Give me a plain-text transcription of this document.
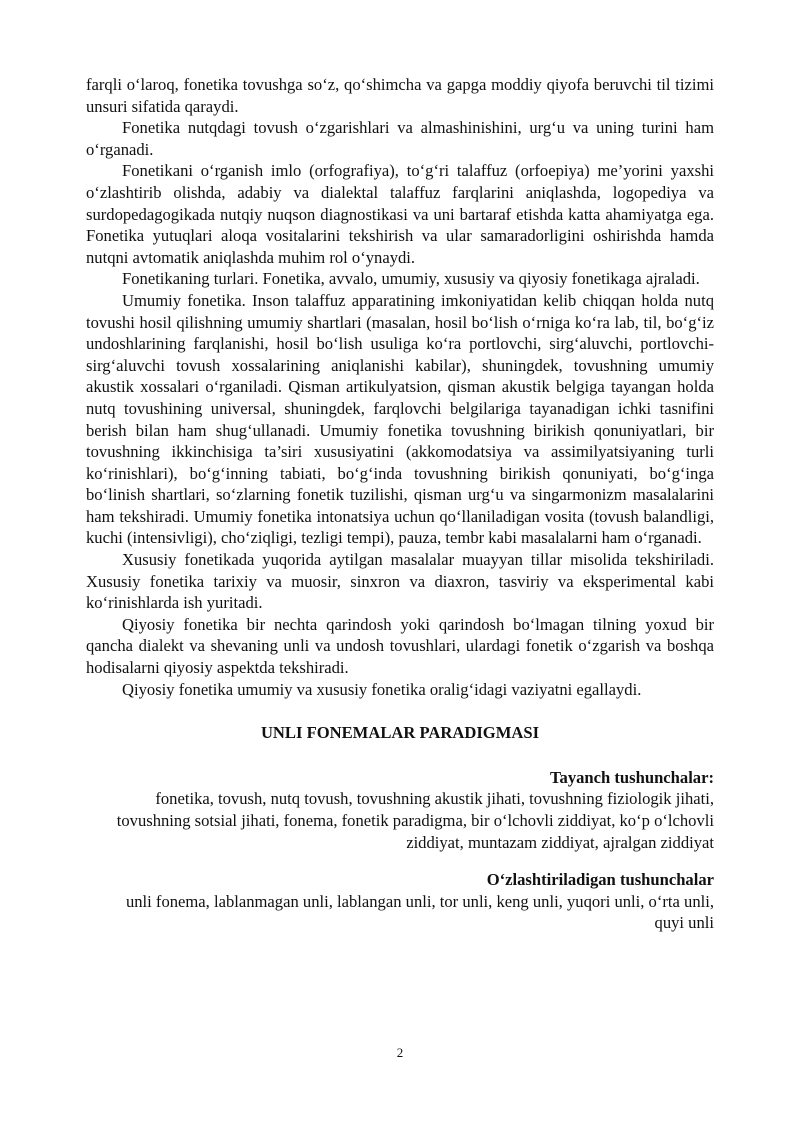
farqli o‘laroq, fonetika tovushga so‘z, qo‘shimcha va gapga moddiy qiyofa beruvchi til tizimi unsuri sifatida qaraydi.

Fonetika nutqdagi tovush o‘zgarishlari va almashinishini, urg‘u va uning turini ham o‘rganadi.

Fonetikani o‘rganish imlo (orfografiya), to‘g‘ri talaffuz (orfoepiya) me’yorini yaxshi o‘zlashtirib olishda, adabiy va dialektal talaffuz farqlarini aniqlashda, logopediya va surdopedagogikada nutqiy nuqson diagnostikasi va uni bartaraf etishda katta ahamiyatga ega. Fonetika yutuqlari aloqa vositalarini tekshirish va ular samaradorligini oshirishda hamda nutqni avtomatik aniqlashda muhim rol o‘ynaydi.

Fonetikaning turlari. Fonetika, avvalo, umumiy, xususiy va qiyosiy fonetikaga ajraladi.

Umumiy fonetika. Inson talaffuz apparatining imkoniyatidan kelib chiqqan holda nutq tovushi hosil qilishning umumiy shartlari (masalan, hosil bo‘lish o‘rniga ko‘ra lab, til, bo‘g‘iz undoshlarining farqlanishi, hosil bo‘lish usuliga ko‘ra portlovchi, sirg‘aluvchi, portlovchi-sirg‘aluvchi tovush xossalarining aniqlanishi kabilar), shuningdek, tovushning umumiy akustik xossalari o‘rganiladi. Qisman artikulyatsion, qisman akustik belgiga tayangan holda nutq tovushining universal, shuningdek, farqlovchi belgilariga tayanadigan ichki tasnifini berish bilan ham shug‘ullanadi. Umumiy fonetika tovushning birikish qonuniyatlari, bir tovushning ikkinchisiga ta’siri xususiyatini (akkomodatsiya va assimilyatsiyaning turli ko‘rinishlari), bo‘g‘inning tabiati, bo‘g‘inda tovushning birikish qonuniyati, bo‘g‘inga bo‘linish shartlari, so‘zlarning fonetik tuzilishi, qisman urg‘u va singarmonizm masalalarini ham tekshiradi. Umumiy fonetika intonatsiya uchun qo‘llaniladigan vosita (tovush balandligi, kuchi (intensivligi), cho‘ziqligi, tezligi tempi), pauza, tembr kabi masalalarni ham o‘rganadi.

Xususiy fonetikada yuqorida aytilgan masalalar muayyan tillar misolida tekshiriladi. Xususiy fonetika tarixiy va muosir, sinxron va diaxron, tasviriy va eksperimental kabi ko‘rinishlarda ish yuritadi.

Qiyosiy fonetika bir nechta qarindosh yoki qarindosh bo‘lmagan tilning yoxud bir qancha dialekt va shevaning unli va undosh tovushlari, ulardagi fonetik o‘zgarish va boshqa hodisalarni qiyosiy aspektda tekshiradi.

Qiyosiy fonetika umumiy va xususiy fonetika oralig‘idagi vaziyatni egallaydi.

UNLI FONEMALAR PARADIGMASI

Tayanch tushunchalar:

fonetika, tovush, nutq tovush, tovushning akustik jihati, tovushning fiziologik jihati, tovushning sotsial jihati, fonema, fonetik paradigma, bir o‘lchovli ziddiyat, ko‘p o‘lchovli ziddiyat, muntazam ziddiyat, ajralgan ziddiyat

O‘zlashtiriladigan tushunchalar

unli fonema, lablanmagan unli, lablangan unli, tor unli, keng unli, yuqori unli, o‘rta unli, quyi unli

2
